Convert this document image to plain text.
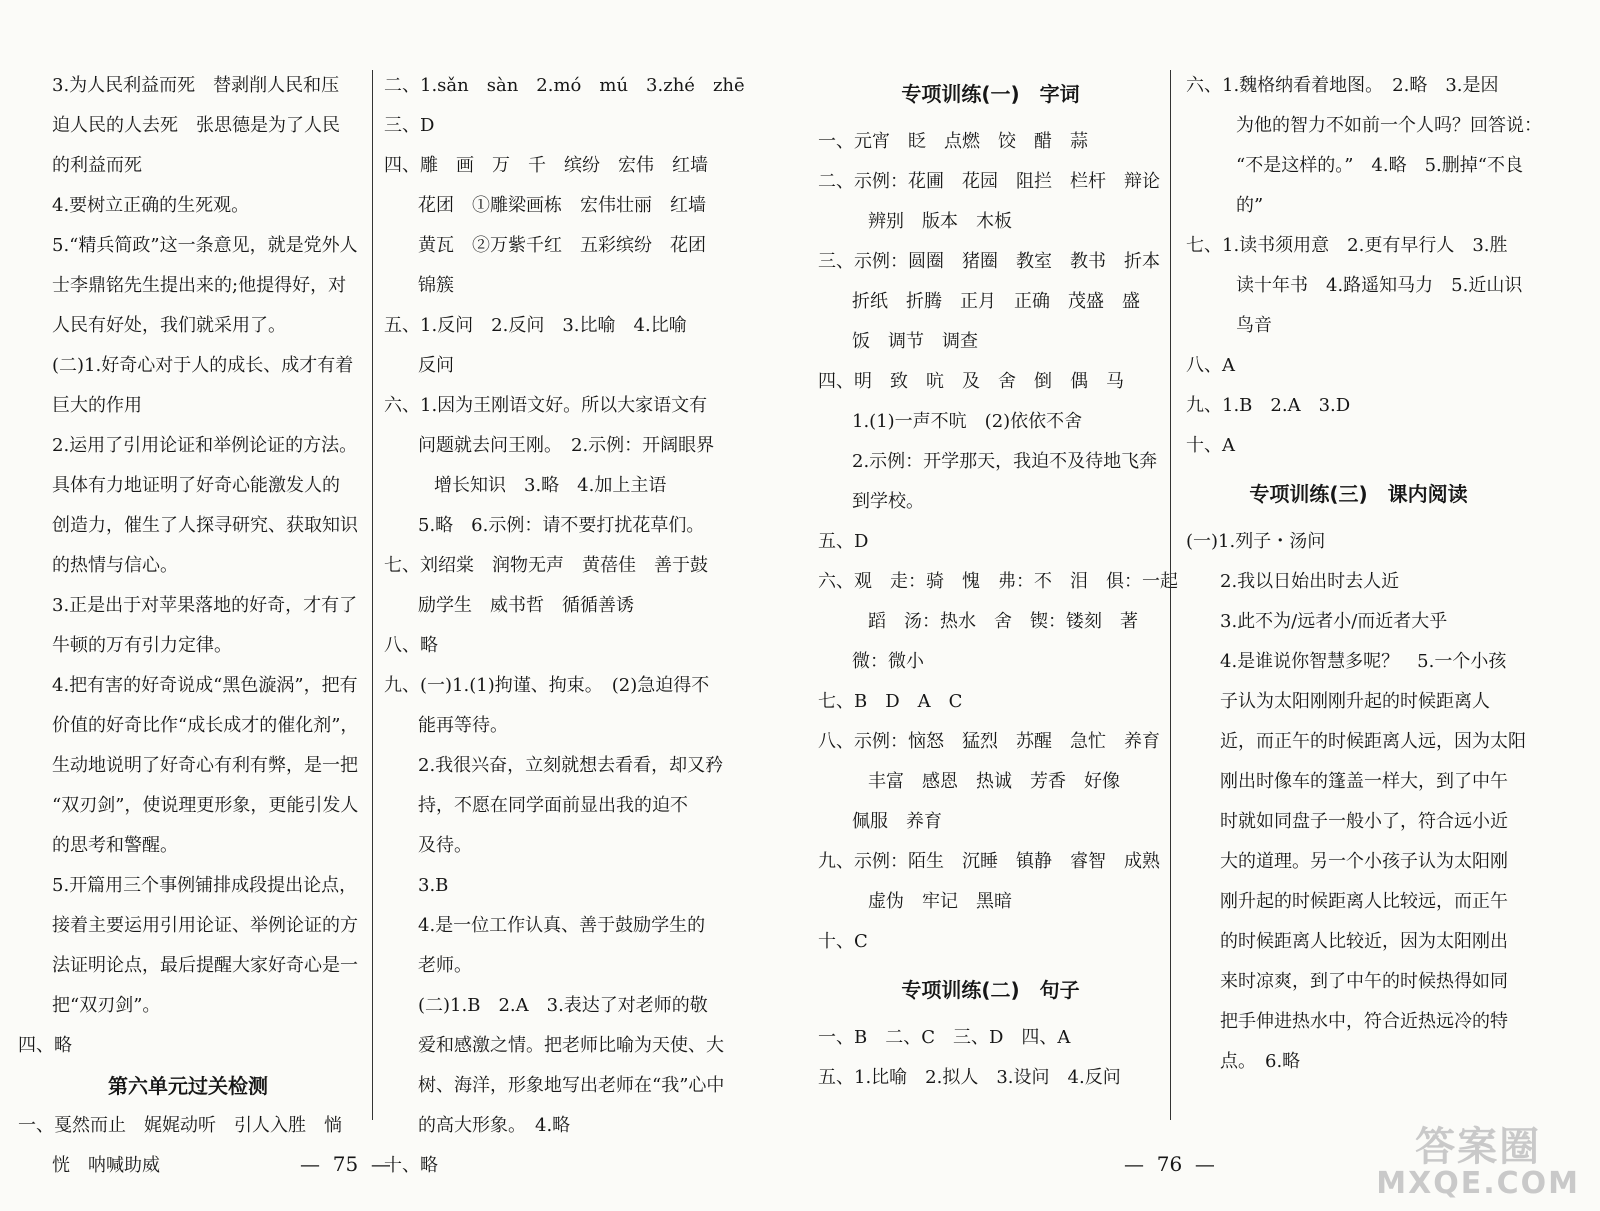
3.为人民利益而死　替剥削人民和压

迫人民的人去死　张思德是为了人民

的利益而死

4.要树立正确的生死观。

5.“精兵简政”这一条意见，就是党外人

士李鼎铭先生提出来的;他提得好，对

人民有好处，我们就采用了。

(二)1.好奇心对于人的成长、成才有着

巨大的作用

2.运用了引用论证和举例论证的方法。

具体有力地证明了好奇心能激发人的

创造力，催生了人探寻研究、获取知识

的热情与信心。

3.正是出于对苹果落地的好奇，才有了

牛顿的万有引力定律。

4.把有害的好奇说成“黑色漩涡”，把有

价值的好奇比作“成长成才的催化剂”，

生动地说明了好奇心有利有弊，是一把

“双刃剑”，使说理更形象，更能引发人

的思考和警醒。

5.开篇用三个事例铺排成段提出论点，

接着主要运用引用论证、举例论证的方

法证明论点，最后提醒大家好奇心是一

把“双刃剑”。

四、略

第六单元过关检测

一、戛然而止　娓娓动听　引人入胜　惝

恍　呐喊助威

二、1.sǎn　sàn　2.mó　mú　3.zhé　zhē

三、D

四、雕　画　万　千　缤纷　宏伟　红墙

花团　①雕梁画栋　宏伟壮丽　红墙

黄瓦　②万紫千红　五彩缤纷　花团

锦簇

五、1.反问　2.反问　3.比喻　4.比喻

反问

六、1.因为王刚语文好。所以大家语文有

问题就去问王刚。　2.示例：开阔眼界

增长知识　3.略　4.加上主语

5.略　6.示例：请不要打扰花草们。

七、刘绍棠　润物无声　黄蓓佳　善于鼓

励学生　威书哲　循循善诱

八、略

九、(一)1.(1)拘谨、拘束。　(2)急迫得不

能再等待。

2.我很兴奋，立刻就想去看看，却又矜

持，不愿在同学面前显出我的迫不

及待。

3.B

4.是一位工作认真、善于鼓励学生的

老师。

(二)1.B　2.A　3.表达了对老师的敬

爱和感激之情。把老师比喻为天使、大

树、海洋，形象地写出老师在“我”心中

的高大形象。　4.略

十、略

专项训练(一)　字词

一、元宵　眨　点燃　饺　醋　蒜

二、示例：花圃　花园　阻拦　栏杆　辩论

辨别　版本　木板

三、示例：圆圈　猪圈　教室　教书　折本

折纸　折腾　正月　正确　茂盛　盛

饭　调节　调查

四、明　致　吭　及　舍　倒　偶　马

1.(1)一声不吭　(2)依依不舍

2.示例：开学那天，我迫不及待地飞奔

到学校。

五、D

六、观　走：骑　愧　弗：不　泪　俱：一起

蹈　汤：热水　舍　锲：镂刻　著

微：微小

七、B　D　A　C

八、示例：恼怒　猛烈　苏醒　急忙　养育

丰富　感恩　热诚　芳香　好像

佩服　养育

九、示例：陌生　沉睡　镇静　睿智　成熟

虚伪　牢记　黑暗

十、C

专项训练(二)　句子

一、B　二、C　三、D　四、A

五、1.比喻　2.拟人　3.设问　4.反问

六、1.魏格纳看着地图。　2.略　3.是因

为他的智力不如前一个人吗？回答说：

“不是这样的。”　4.略　5.删掉“不良

的”

七、1.读书须用意　2.更有早行人　3.胜

读十年书　4.路遥知马力　5.近山识

鸟音

八、A

九、1.B　2.A　3.D

十、A

专项训练(三)　课内阅读

(一)1.列子・汤问

2.我以日始出时去人近

3.此不为/远者小/而近者大乎

4.是谁说你智慧多呢？　5.一个小孩

子认为太阳刚刚升起的时候距离人

近，而正午的时候距离人远，因为太阳

刚出时像车的篷盖一样大，到了中午

时就如同盘子一般小了，符合远小近

大的道理。另一个小孩子认为太阳刚

刚升起的时候距离人比较远，而正午

的时候距离人比较近，因为太阳刚出

来时凉爽，到了中午的时候热得如同

把手伸进热水中，符合近热远冷的特

点。　6.略

—  75  —	—  76  —	答案圈
MXQE.COM
